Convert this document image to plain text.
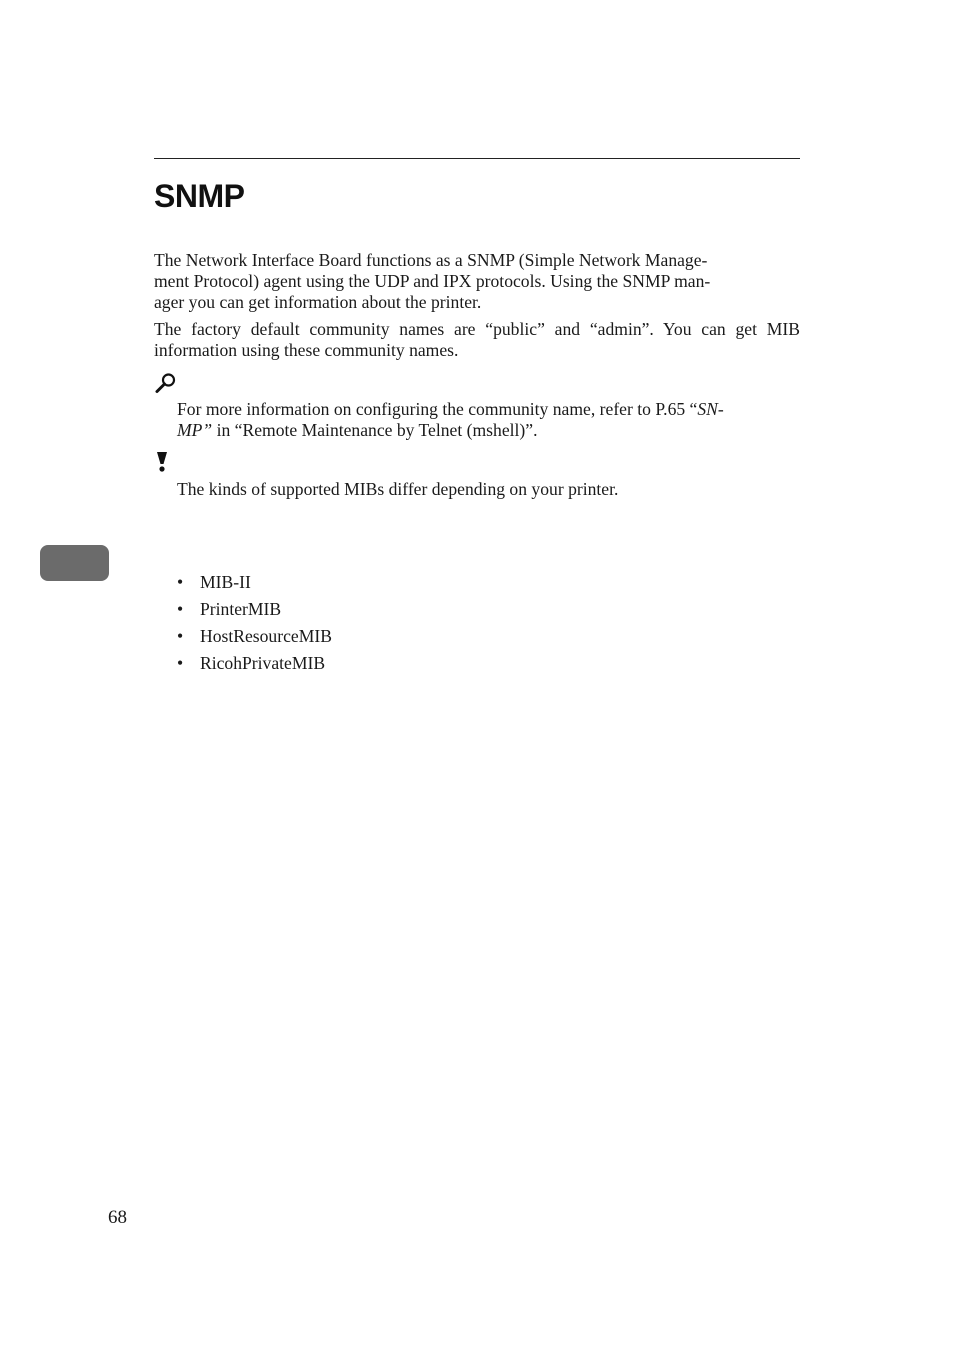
SNMP

The Network Interface Board functions as a SNMP (Simple Network Manage-
ment Protocol) agent using the UDP and IPX protocols. Using the SNMP man-
ager you can get information about the printer.

The factory default community names are “public” and “admin”. You can get MIB information using these community names.

For more information on configuring the community name, refer to P.65 “SN-
MP” in “Remote Maintenance by Telnet (mshell)”.

The kinds of supported MIBs differ depending on your printer.

• MIB-II
• PrinterMIB
• HostResourceMIB
• RicohPrivateMIB

68
